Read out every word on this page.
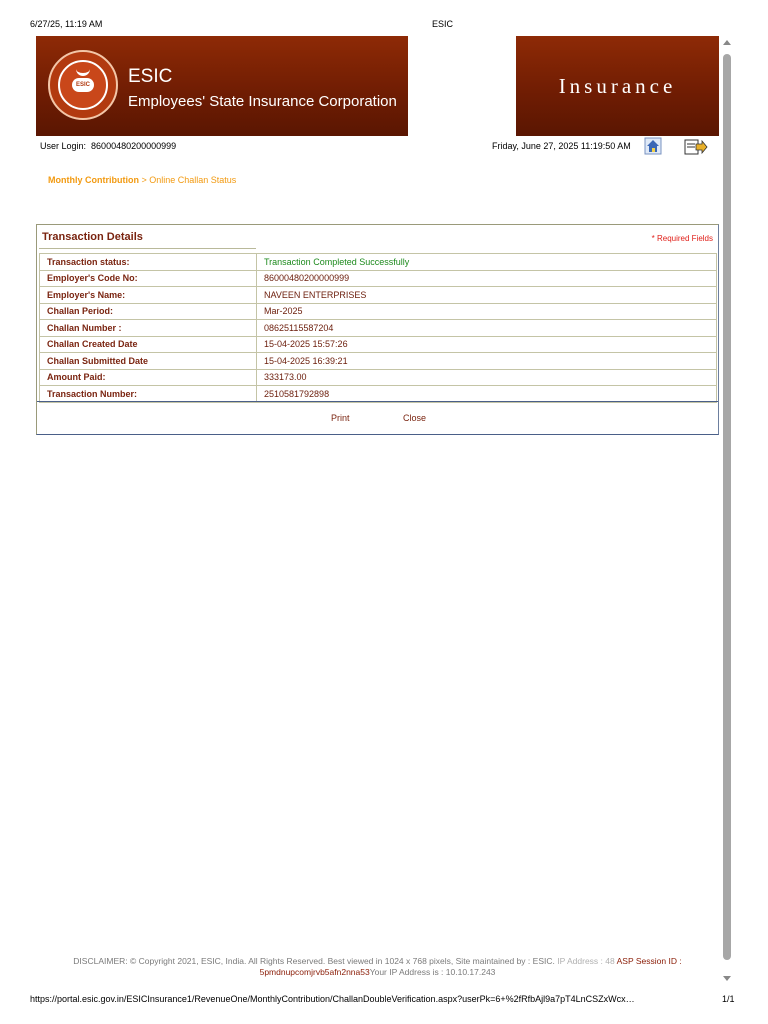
6/27/25, 11:19 AM	ESIC
ESIC ESIC
Employees' State Insurance Corporation
Insurance
User Login: 86000480200000999	Friday, June 27, 2025 11:19:50 AM
Monthly Contribution > Online Challan Status
Transaction Details	* Required Fields
Transaction status:	Transaction Completed Successfully
Employer's Code No:	86000480200000999
Employer's Name:	NAVEEN ENTERPRISES
Challan Period:	Mar-2025
Challan Number :	08625115587204
Challan Created Date	15-04-2025 15:57:26
Challan Submitted Date	15-04-2025 16:39:21
Amount Paid:	333173.00
Transaction Number:	2510581792898
Print	Close
DISCLAIMER: © Copyright 2021, ESIC, India. All Rights Reserved. Best viewed in 1024 x 768 pixels, Site maintained by : ESIC. IP Address : 48 ASP Session ID :
5pmdnupcomjrvb5afn2nna53Your IP Address is : 10.10.17.243
https://portal.esic.gov.in/ESICInsurance1/RevenueOne/MonthlyContribution/ChallanDoubleVerification.aspx?userPk=6+%2fRfbAjl9a7pT4LnCSZxWcx…	1/1
